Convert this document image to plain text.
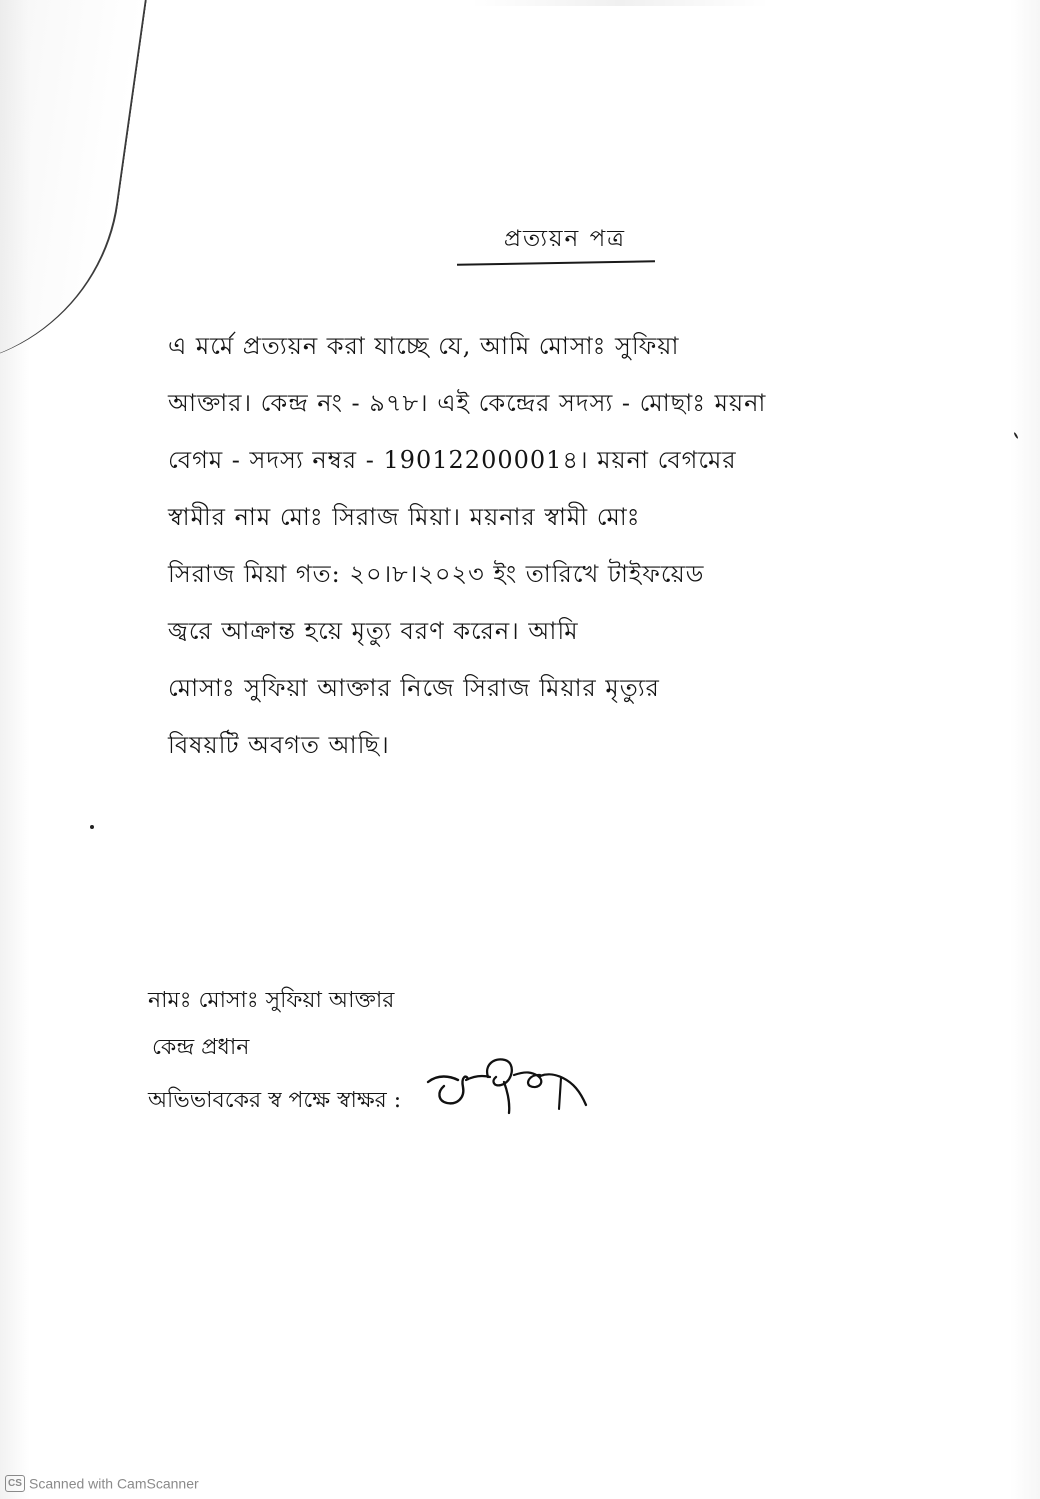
প্রত্যয়ন পত্র
এ মর্মে প্রত্যয়ন করা যাচ্ছে যে, আমি মোসাঃ সুফিয়া
আক্তার। কেন্দ্র নং - ৯৭৮। এই কেন্দ্রের সদস্য - মোছাঃ ময়না
বেগম - সদস্য নম্বর - 19012200001৪। ময়না বেগমের
স্বামীর নাম মোঃ সিরাজ মিয়া। ময়নার স্বামী মোঃ
সিরাজ মিয়া গত: ২০।৮।২০২৩ ইং তারিখে টাইফয়েড
জ্বরে আক্রান্ত হয়ে মৃত্যু বরণ করেন। আমি
মোসাঃ সুফিয়া আক্তার নিজে সিরাজ মিয়ার মৃত্যুর
বিষয়টি অবগত আছি।
নামঃ মোসাঃ সুফিয়া আক্তার
কেন্দ্র প্রধান
অভিভাবকের স্ব পক্ষে স্বাক্ষর :
CS Scanned with CamScanner
